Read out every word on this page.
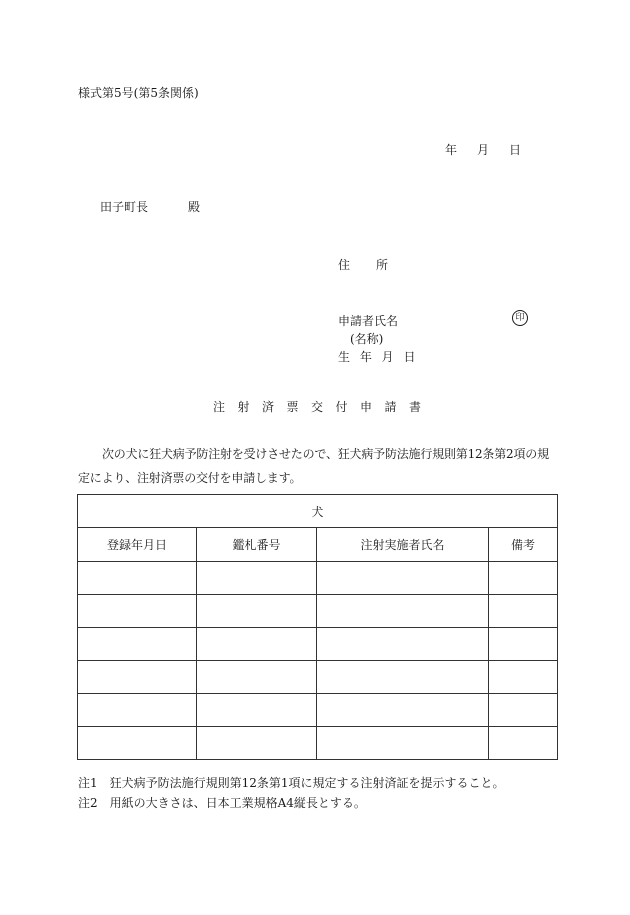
様式第5号(第5条関係)
年 月 日
田子町長	殿
住 所
申請者氏名	印
(名称)
生 年 月 日
注射済票交付申請書
次の犬に狂犬病予防注射を受けさせたので、狂犬病予防法施行規則第12条第2項の規定により、注射済票の交付を申請します。
犬			
登録年月日	鑑札番号	注射実施者氏名	備考

注1　狂犬病予防法施行規則第12条第1項に規定する注射済証を提示すること。
注2　用紙の大きさは、日本工業規格A4縦長とする。
